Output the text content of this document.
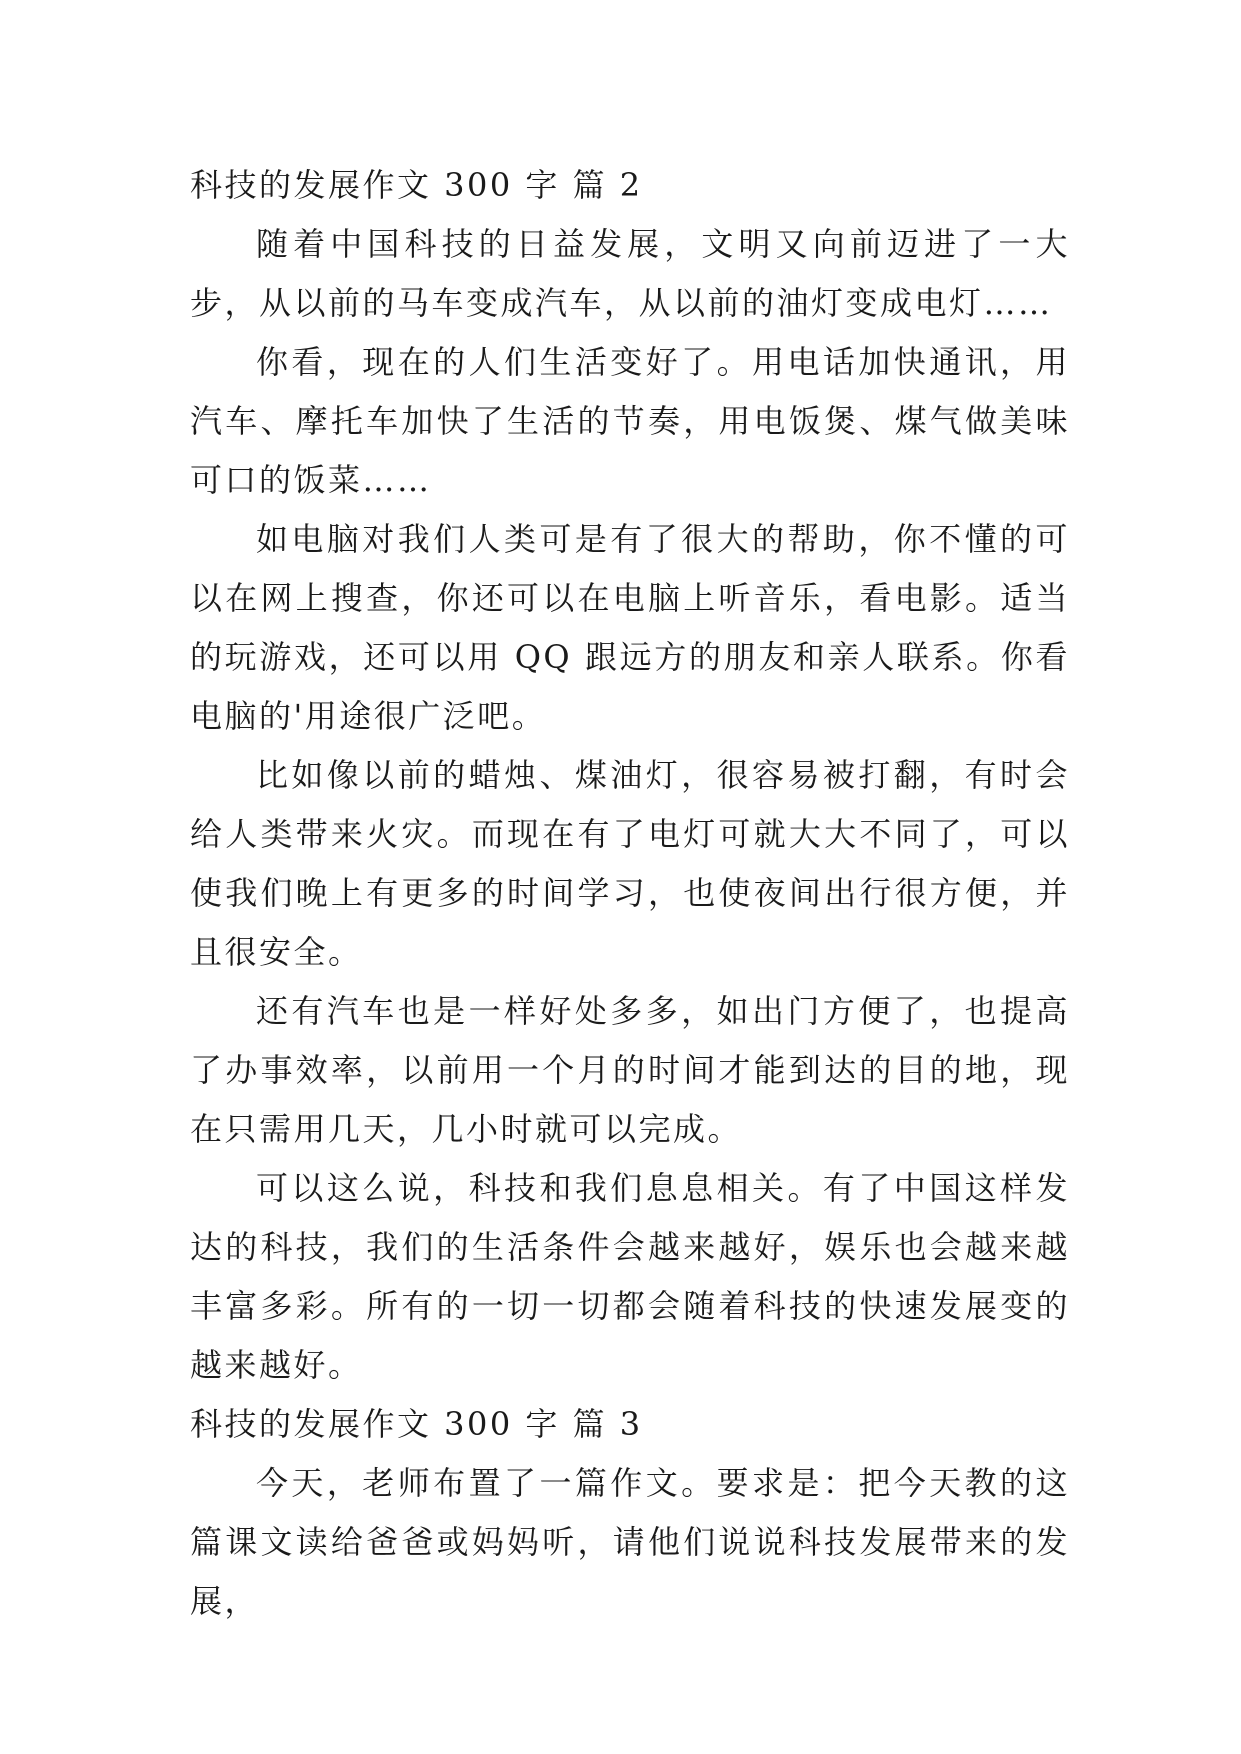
科技的发展作文 300 字 篇 2

随着中国科技的日益发展，文明又向前迈进了一大步，从以前的马车变成汽车，从以前的油灯变成电灯……

你看，现在的人们生活变好了。用电话加快通讯，用汽车、摩托车加快了生活的节奏，用电饭煲、煤气做美味可口的饭菜……

如电脑对我们人类可是有了很大的帮助，你不懂的可以在网上搜查，你还可以在电脑上听音乐，看电影。适当的玩游戏，还可以用 QQ 跟远方的朋友和亲人联系。你看电脑的'用途很广泛吧。

比如像以前的蜡烛、煤油灯，很容易被打翻，有时会给人类带来火灾。而现在有了电灯可就大大不同了，可以使我们晚上有更多的时间学习，也使夜间出行很方便，并且很安全。

还有汽车也是一样好处多多，如出门方便了，也提高了办事效率，以前用一个月的时间才能到达的目的地，现在只需用几天，几小时就可以完成。

可以这么说，科技和我们息息相关。有了中国这样发达的科技，我们的生活条件会越来越好，娱乐也会越来越丰富多彩。所有的一切一切都会随着科技的快速发展变的越来越好。

科技的发展作文 300 字 篇 3

今天，老师布置了一篇作文。要求是：把今天教的这篇课文读给爸爸或妈妈听，请他们说说科技发展带来的发展，
